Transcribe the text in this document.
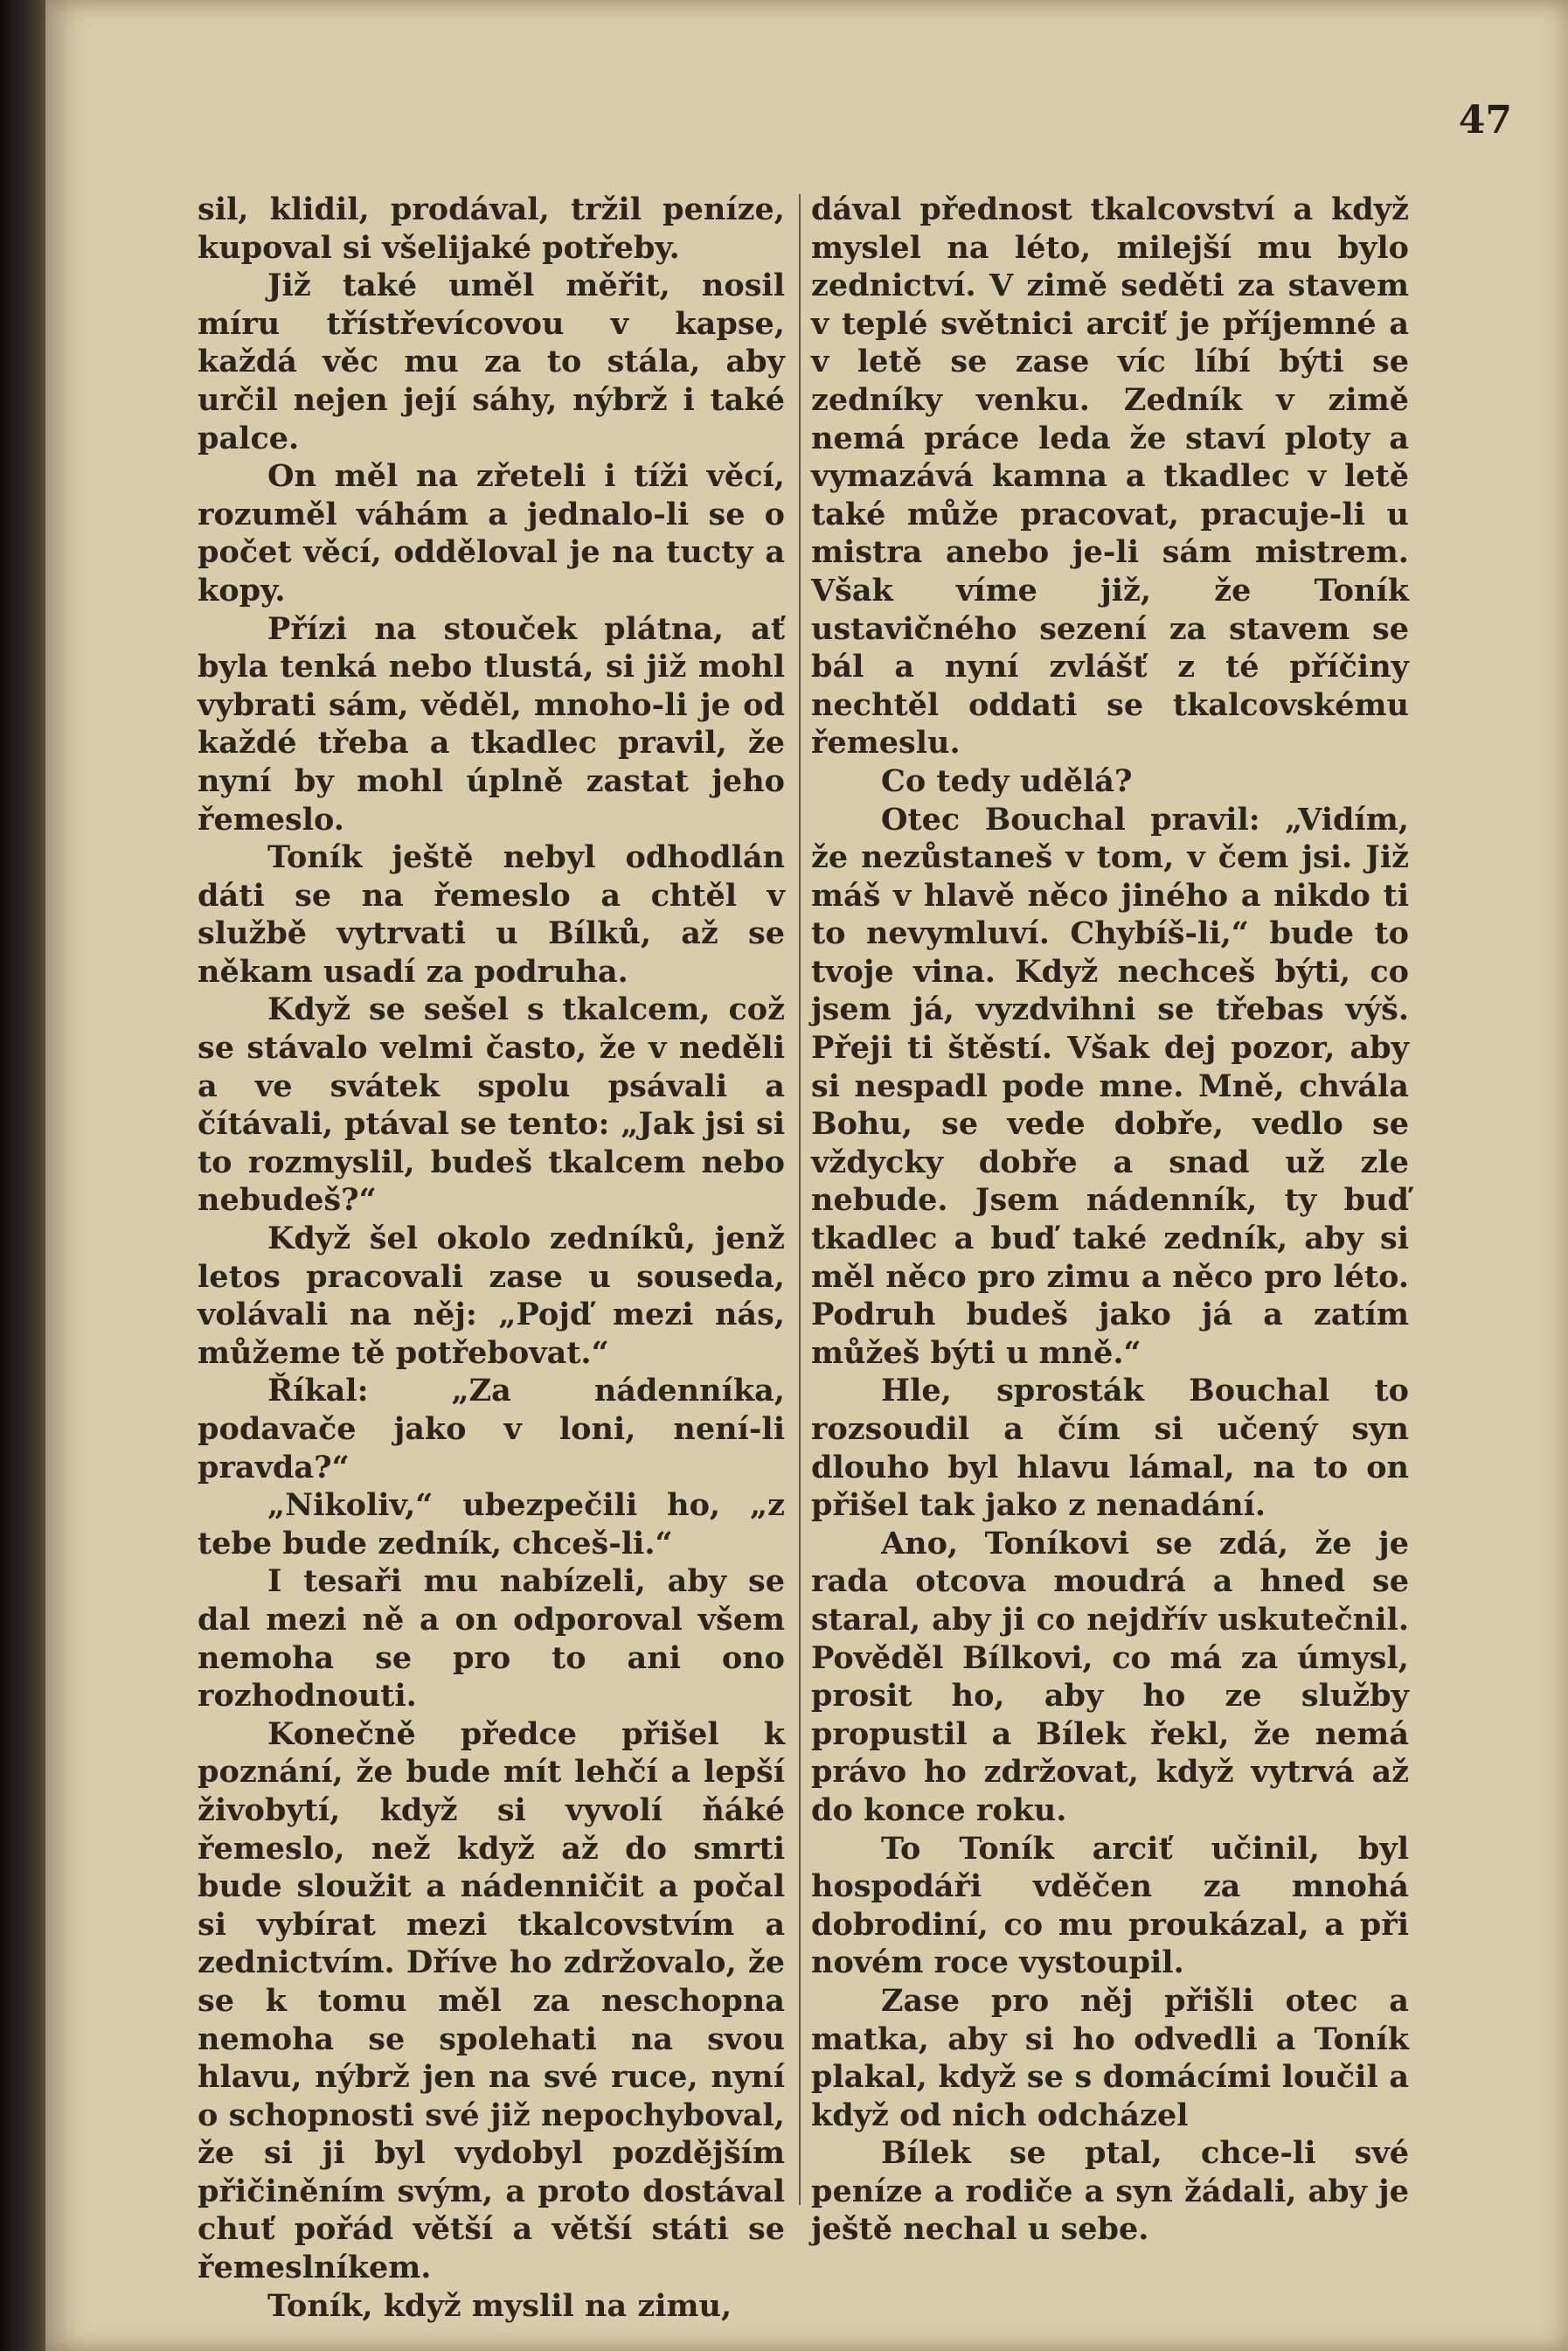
47

sil, klidil, prodával, tržil peníze, kupoval si všelijaké potřeby.

Již také uměl měřit, nosil míru třístřevícovou v kapse, každá věc mu za to stála, aby určil nejen její sáhy, nýbrž i také palce.

On měl na zřeteli i tíži věcí, rozuměl váhám a jednalo-li se o počet věcí, odděloval je na tucty a kopy.

Přízi na stouček plátna, ať byla tenká nebo tlustá, si již mohl vybrati sám, věděl, mnoho-li je od každé třeba a tkadlec pravil, že nyní by mohl úplně zastat jeho řemeslo.

Toník ještě nebyl odhodlán dáti se na řemeslo a chtěl v službě vytrvati u Bílků, až se někam usadí za podruha.

Když se sešel s tkalcem, což se stávalo velmi často, že v neděli a ve svátek spolu psávali a čítávali, ptával se tento: „Jak jsi si to rozmyslil, budeš tkalcem nebo nebudeš?“

Když šel okolo zedníků, jenž letos pracovali zase u souseda, volávali na něj: „Pojď mezi nás, můžeme tě potřebovat.“

Říkal: „Za nádenníka, podavače jako v loni, není-li pravda?“

„Nikoliv,“ ubezpečili ho, „z tebe bude zedník, chceš-li.“

I tesaři mu nabízeli, aby se dal mezi ně a on odporoval všem nemoha se pro to ani ono rozhodnouti.

Konečně předce přišel k poznání, že bude mít lehčí a lepší živobytí, když si vyvolí ňáké řemeslo, než když až do smrti bude sloužit a nádenničit a počal si vybírat mezi tkalcovstvím a zednictvím. Dříve ho zdržovalo, že se k tomu měl za neschopna nemoha se spolehati na svou hlavu, nýbrž jen na své ruce, nyní o schopnosti své již nepochyboval, že si ji byl vydobyl pozdějším přičiněním svým, a proto dostával chuť pořád větší a větší státi se řemeslníkem.

Toník, když myslil na zimu,

dával přednost tkalcovství a když myslel na léto, milejší mu bylo zednictví. V zimě seděti za stavem v teplé světnici arciť je příjemné a v letě se zase víc líbí býti se zedníky venku. Zedník v zimě nemá práce leda že staví ploty a vymazává kamna a tkadlec v letě také může pracovat, pracuje-li u mistra anebo je-li sám mistrem. Však víme již, že Toník ustavičného sezení za stavem se bál a nyní zvlášť z té příčiny nechtěl oddati se tkalcovskému řemeslu.

Co tedy udělá?

Otec Bouchal pravil: „Vidím, že nezůstaneš v tom, v čem jsi. Již máš v hlavě něco jiného a nikdo ti to nevymluví. Chybíš-li,“ bude to tvoje vina. Když nechceš býti, co jsem já, vyzdvihni se třebas výš. Přeji ti štěstí. Však dej pozor, aby si nespadl pode mne. Mně, chvála Bohu, se vede dobře, vedlo se vždycky dobře a snad už zle nebude. Jsem nádenník, ty buď tkadlec a buď také zedník, aby si měl něco pro zimu a něco pro léto. Podruh budeš jako já a zatím můžeš býti u mně.“

Hle, sprosták Bouchal to rozsoudil a čím si učený syn dlouho byl hlavu lámal, na to on přišel tak jako z nenadání.

Ano, Toníkovi se zdá, že je rada otcova moudrá a hned se staral, aby ji co nejdřív uskutečnil. Pověděl Bílkovi, co má za úmysl, prosit ho, aby ho ze služby propustil a Bílek řekl, že nemá právo ho zdržovat, když vytrvá až do konce roku.

To Toník arciť učinil, byl hospodáři vděčen za mnohá dobrodiní, co mu proukázal, a při novém roce vystoupil.

Zase pro něj přišli otec a matka, aby si ho odvedli a Toník plakal, když se s domácími loučil a když od nich odcházel

Bílek se ptal, chce-li své peníze a rodiče a syn žádali, aby je ještě nechal u sebe.
